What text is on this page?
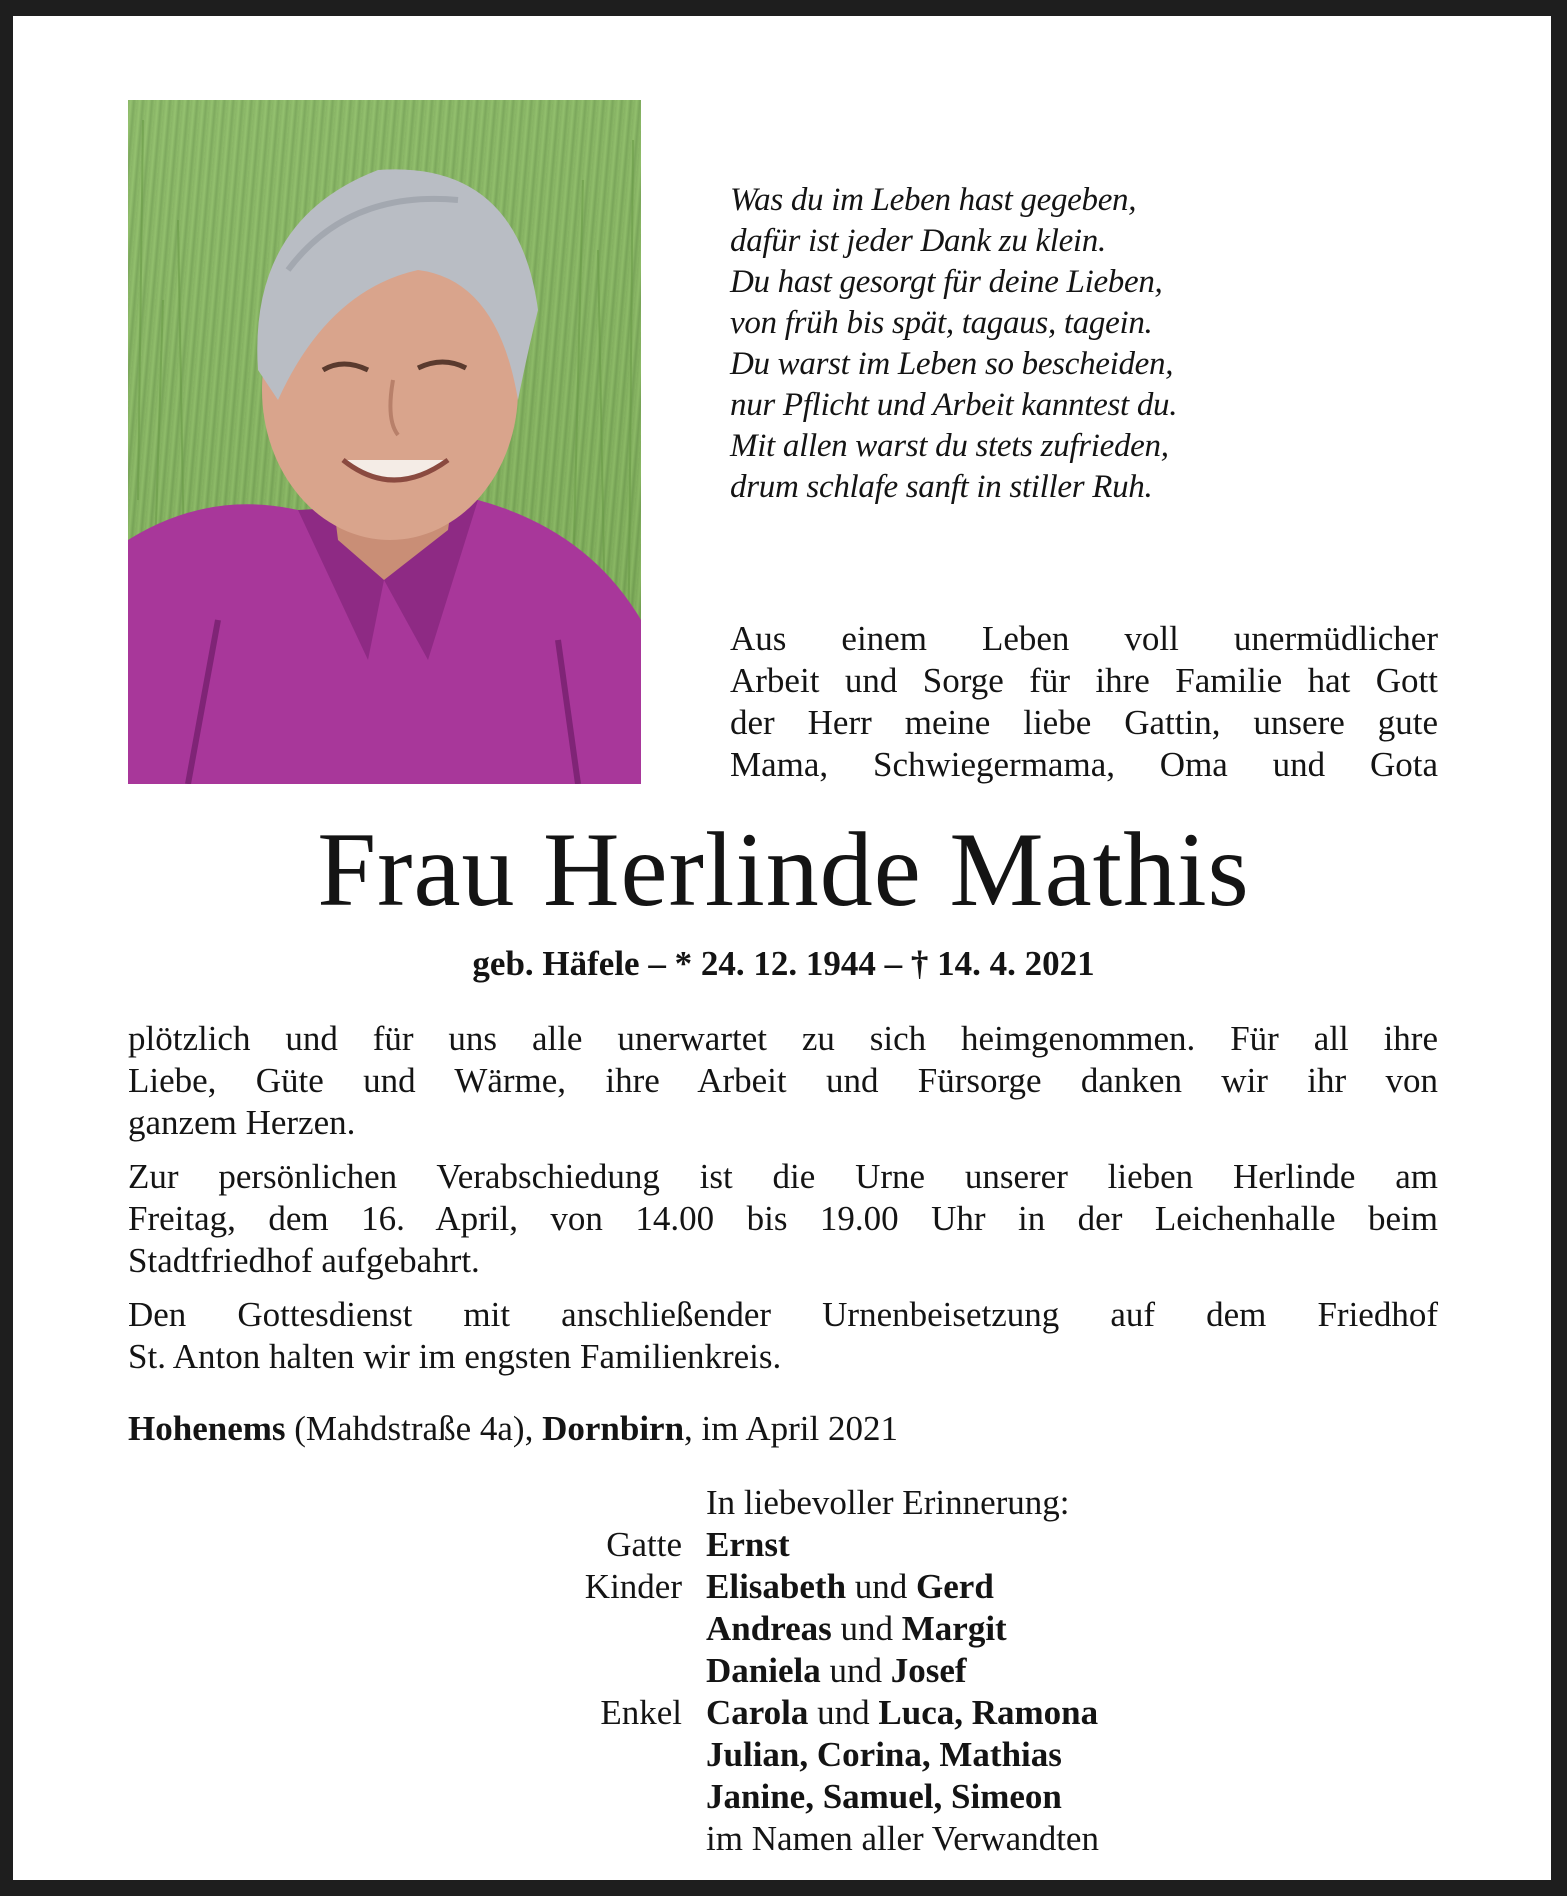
Was du im Leben hast gegeben,
dafür ist jeder Dank zu klein.
Du hast gesorgt für deine Lieben,
von früh bis spät, tagaus, tagein.
Du warst im Leben so bescheiden,
nur Pflicht und Arbeit kanntest du.
Mit allen warst du stets zufrieden,
drum schlafe sanft in stiller Ruh.
Aus einem Leben voll unermüdlicher
Arbeit und Sorge für ihre Familie hat Gott
der Herr meine liebe Gattin, unsere gute
Mama, Schwiegermama, Oma und Gota
Frau Herlinde Mathis
geb. Häfele – * 24. 12. 1944 – † 14. 4. 2021
plötzlich und für uns alle unerwartet zu sich heimgenommen. Für all ihre
Liebe, Güte und Wärme, ihre Arbeit und Fürsorge danken wir ihr von
ganzem Herzen.
Zur persönlichen Verabschiedung ist die Urne unserer lieben Herlinde am
Freitag, dem 16. April, von 14.00 bis 19.00 Uhr in der Leichenhalle beim
Stadtfriedhof aufgebahrt.
Den Gottesdienst mit anschließender Urnenbeisetzung auf dem Friedhof
St. Anton halten wir im engsten Familienkreis.
Hohenems (Mahdstraße 4a), Dornbirn, im April 2021
In liebevoller Erinnerung:
Gatte Ernst
Kinder Elisabeth und Gerd
Andreas und Margit
Daniela und Josef
Enkel Carola und Luca, Ramona
Julian, Corina, Mathias
Janine, Samuel, Simeon
im Namen aller Verwandten
